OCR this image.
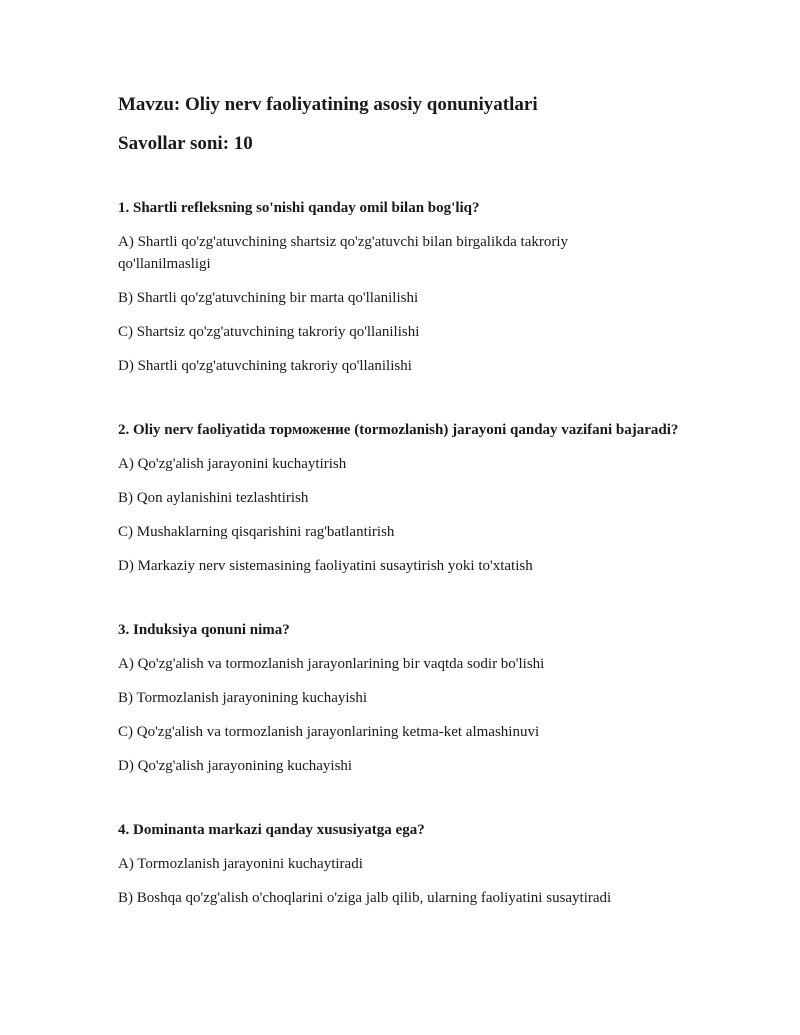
Mavzu: Oliy nerv faoliyatining asosiy qonuniyatlari
Savollar soni: 10

1. Shartli refleksning so'nishi qanday omil bilan bog'liq?

A) Shartli qo'zg'atuvchining shartsiz qo'zg'atuvchi bilan birgalikda takroriy qo'llanilmasligi

B) Shartli qo'zg'atuvchining bir marta qo'llanilishi

C) Shartsiz qo'zg'atuvchining takroriy qo'llanilishi

D) Shartli qo'zg'atuvchining takroriy qo'llanilishi

2. Oliy nerv faoliyatida торможение (tormozlanish) jarayoni qanday vazifani bajaradi?

A) Qo'zg'alish jarayonini kuchaytirish

B) Qon aylanishini tezlashtirish

C) Mushaklarning qisqarishini rag'batlantirish

D) Markaziy nerv sistemasining faoliyatini susaytirish yoki to'xtatish

3. Induksiya qonuni nima?

A) Qo'zg'alish va tormozlanish jarayonlarining bir vaqtda sodir bo'lishi

B) Tormozlanish jarayonining kuchayishi

C) Qo'zg'alish va tormozlanish jarayonlarining ketma-ket almashinuvi

D) Qo'zg'alish jarayonining kuchayishi

4. Dominanta markazi qanday xususiyatga ega?

A) Tormozlanish jarayonini kuchaytiradi

B) Boshqa qo'zg'alish o'choqlarini o'ziga jalb qilib, ularning faoliyatini susaytiradi
